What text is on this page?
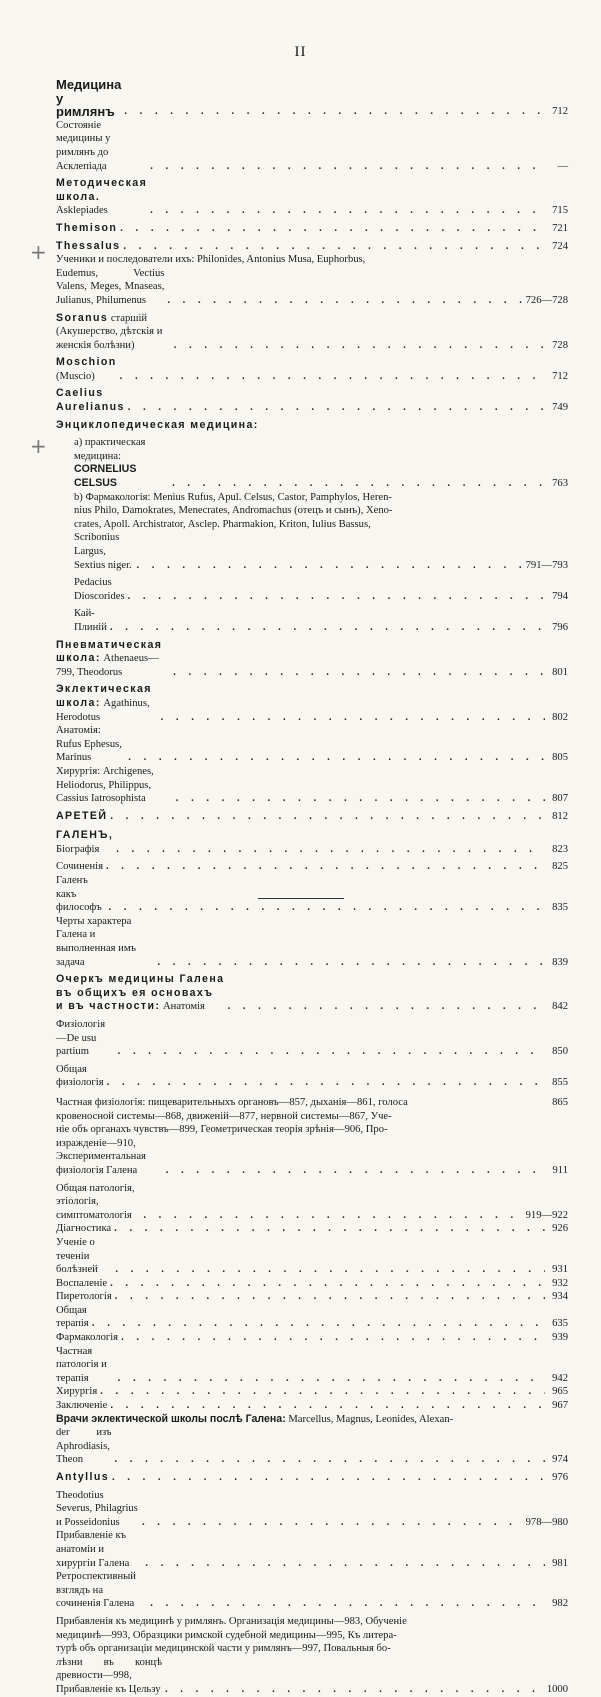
II
Медицина у римлянъ . . .	712
Состояніе медицины у римлянъ до Асклепіада . . .	—
Методическая школа. Asklepiades . . .	715
Themison . . .	721
Thessalus . . .	724
Ученики и последователи ихъ: Philonides, Antonius Musa, Euphorbus,
Eudemus, Vectius Valens, Meges, Mnaseas, Julianus, Philumenus . . .	726—728
Soranus старшій (Акушерство, дѣтскія и женскія болѣзни) . . .	728
Moschion (Muscio) . . .	712
Caelius Aurelianus . . .	749
Энциклопедическая медицина:
а) практическая медицина: CORNELIUS CELSUS . . .	763
b) Фармакологія: Menius Rufus, Apul. Celsus, Castor, Pamphylos, Heren-
nius Philo, Damokrates, Menecrates, Andromachus (отецъ и сынъ), Xeno-
crates, Apoll. Archistrator, Asclep. Pharmakion, Kriton, Iulius Bassus,
Scribonius Largus, Sextius niger. . . .	791—793
Pedacius Dioscorides . . .	794
Кай-Плиній . . .	796
Пневматическая школа: Athenaeus—799, Theodorus . . .	801
Эклектическая школа: Agathinus, Herodotus . . .	802
Анатомія: Rufus Ephesus, Marinus . . .	805
Хирургія: Archigenes, Heliodorus, Philippus, Cassius Iatrosophista . . .	807
АРЕТЕЙ . . .	812
ГАЛЕНЪ, Біографія . . .	823
Сочиненія . . .	825
Галенъ какъ философъ . . .	835
Черты характера Галена и выполненная имъ задача . . .	839
Очеркъ медицины Галена въ общихъ ея основахъ и въ частности: Анатомія . . .	842
Физіологія—De usu partium . . .	850
Общая физіологія . . .	855
Частная физіологія: пищеварительныхъ органовъ—857, дыханія—861, голоса	865
кровеносной системы—868, движеній—877, нервной системы—867, Уче-
ніе объ органахъ чувствъ—899, Геометрическая теорія зрѣнія—906, Про-
изражденіе—910, Экспериментальная физіологія Галена . . .	911
Общая патологія, этіологія, симптоматологія . . .	919—922
Діагностика . . .	926
Ученіе о теченіи болѣзней . . .	931
Воспаленіе . . .	932
Пиретологія . . .	934
Общая терапія . . .	635
Фармакологія . . .	939
Частная патологія и терапія . . .	942
Хирургія . . .	965
Заключеніе . . .	967
Врачи эклектической школы послѣ Галена: Marcellus, Magnus, Leonides, Alexan-
der изъ Aphrodiasis, Theon . . .	974
Antyllus . . .	976
Theodotius Severus, Philagrius и Posseidonius . . .	978—980
Прибавленіе къ анатоміи и хирургіи Галена . . .	981
Ретроспективный взглядъ на сочиненія Галена . . .	982
Прибавленія къ медицинѣ у римлянъ. Организація медицины—983, Обученіе
медицинѣ—993, Образцики римской судебной медицины—995, Къ литера-
турѣ объ организаціи медицинской части у римлянъ—997, Повальныя бо-
лѣзни въ концѣ древности—998, Прибавленіе къ Цельзу . . .	1000
+
+
